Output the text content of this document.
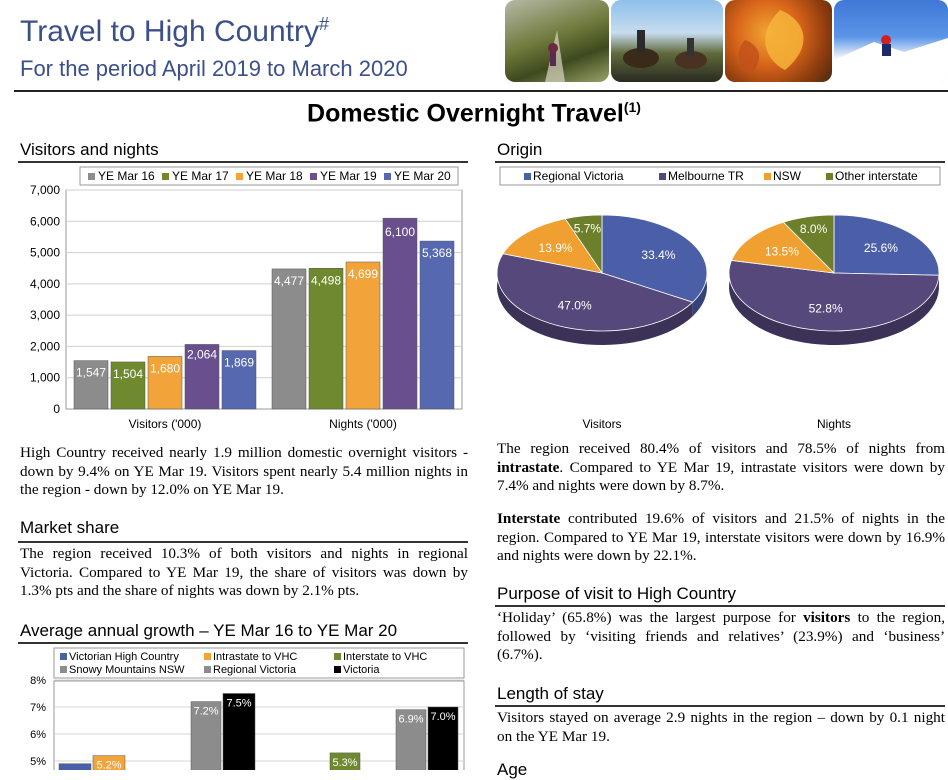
Travel to High Country#
For the period April 2019 to March 2020
Domestic Overnight Travel$^{(1)}$
Visitors and nights
0
1,000
2,000
3,000
4,000
5,000
6,000
7,000
YE Mar 16 YE Mar 17 YE Mar 18 YE Mar 19 YE Mar 20
1,547 1,504 1,680
2,064
1,869
Visitors ('000)
4,477 4,498 4,699
6,100
5,368
Nights ('000)
High Country received nearly 1.9 million domestic overnight visitors - down by 9.4% on YE Mar 19. Visitors spent nearly 5.4 million nights in the region - down by 12.0% on YE Mar 19.
Market share
The region received 10.3% of both visitors and nights in regional Victoria. Compared to YE Mar 19, the share of visitors was down by 1.3% pts and the share of nights was down by 2.1% pts.
Average annual growth – YE Mar 16 to YE Mar 20
Victorian High Country	Intrastate to VHC	Interstate to VHC
Snowy Mountains NSW	Regional Victoria	Victoria
5%
6%
7%
8%
5.2%
7.2%
7.5%
5.3%
6.9% 7.0%
Origin
Regional Victoria	Melbourne TR NSW	Other interstate
33.4%
47.0%
13.9%
5.7%
Visitors
25.6%
52.8%
13.5%
8.0%
Nights
The region received 80.4% of visitors and 78.5% of nights from intrastate. Compared to YE Mar 19, intrastate visitors were down by 7.4% and nights were down by 8.7%.
Interstate contributed 19.6% of visitors and 21.5% of nights in the region. Compared to YE Mar 19, interstate visitors were down by 16.9% and nights were down by 22.1%.
Purpose of visit to High Country
‘Holiday’ (65.8%) was the largest purpose for visitors to the region, followed by ‘visiting friends and relatives’ (23.9%) and ‘business’ (6.7%).
Length of stay
Visitors stayed on average 2.9 nights in the region – down by 0.1 night on the YE Mar 19.
Age
